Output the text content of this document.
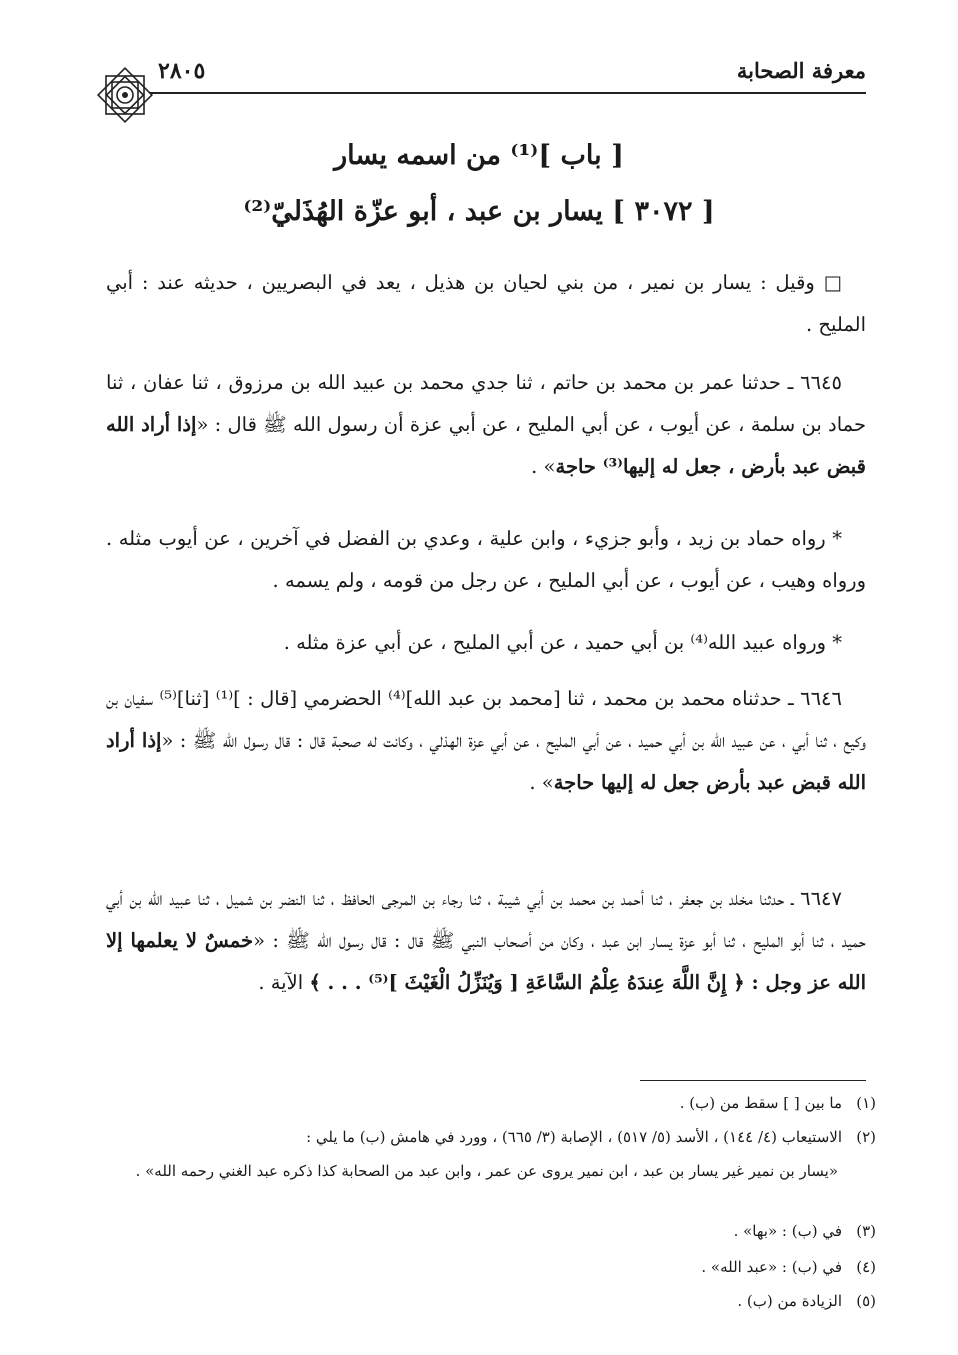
معرفة الصحابة
٢٨٠٥
[ باب ]⁽¹⁾ من اسمه يسار
[ ٣٠٧٢ ] يسار بن عبد ، أبو عزّة الهُذَليّ⁽²⁾
□ وقيل : يسار بن نمير ، من بني لحيان بن هذيل ، يعد في البصريين ، حديثه عند : أبي المليح .
٦٦٤٥ ـ حدثنا عمر بن محمد بن حاتم ، ثنا جدي محمد بن عبيد الله بن مرزوق ، ثنا عفان ، ثنا حماد بن سلمة ، عن أيوب ، عن أبي المليح ، عن أبي عزة أن رسول الله ﷺ قال : «إذا أراد الله قبض عبد بأرض ، جعل له إليها⁽³⁾ حاجة» .
* رواه حماد بن زيد ، وأبو جزيء ، وابن علية ، وعدي بن الفضل في آخرين ، عن أيوب مثله . ورواه وهيب ، عن أيوب ، عن أبي المليح ، عن رجل من قومه ، ولم يسمه .
* ورواه عبيد الله⁽⁴⁾ بن أبي حميد ، عن أبي المليح ، عن أبي عزة مثله .
٦٦٤٦ ـ حدثناه محمد بن محمد ، ثنا [محمد بن عبد الله]⁽⁴⁾ الحضرمي [قال : ]⁽¹⁾ [ثنا]⁽⁵⁾ سفيان بن وكيع ، ثنا أبي ، عن عبيد الله بن أبي حميد ، عن أبي المليح ، عن أبي عزة الهذلي ، وكانت له صحبة قال : قال رسول الله ﷺ : «إذا أراد الله قبض عبد بأرض جعل له إليها حاجة» .
٦٦٤٧ ـ حدثنا مخلد بن جعفر ، ثنا أحمد بن محمد بن أبي شيبة ، ثنا رجاء بن المرجى الحافظ ، ثنا النضر بن شميل ، ثنا عبيد الله بن أبي حميد ، ثنا أبو المليح ، ثنا أبو عزة يسار ابن عبد ، وكان من أصحاب النبي ﷺ قال : قال رسول الله ﷺ : «خمسٌ لا يعلمها إلا الله عز وجل : ﴿ إِنَّ اللَّهَ عِندَهُ عِلْمُ السَّاعَةِ [ وَيُنَزِّلُ الْغَيْثَ ]⁽⁵⁾ . . . ﴾ الآية .
(١)ما بين [ ] سقط من (ب) .
(٢)الاستيعاب (٤/ ١٤٤) ، الأسد (٥/ ٥١٧) ، الإصابة (٣/ ٦٦٥) ، وورد في هامش (ب) ما يلي :
«يسار بن نمير غير يسار بن عبد ، ابن نمير يروى عن عمر ، وابن عبد من الصحابة كذا ذكره عبد الغني رحمه الله» .
(٣)في (ب) : «بها» .
(٤)في (ب) : «عبد الله» .
(٥)الزيادة من (ب) .
